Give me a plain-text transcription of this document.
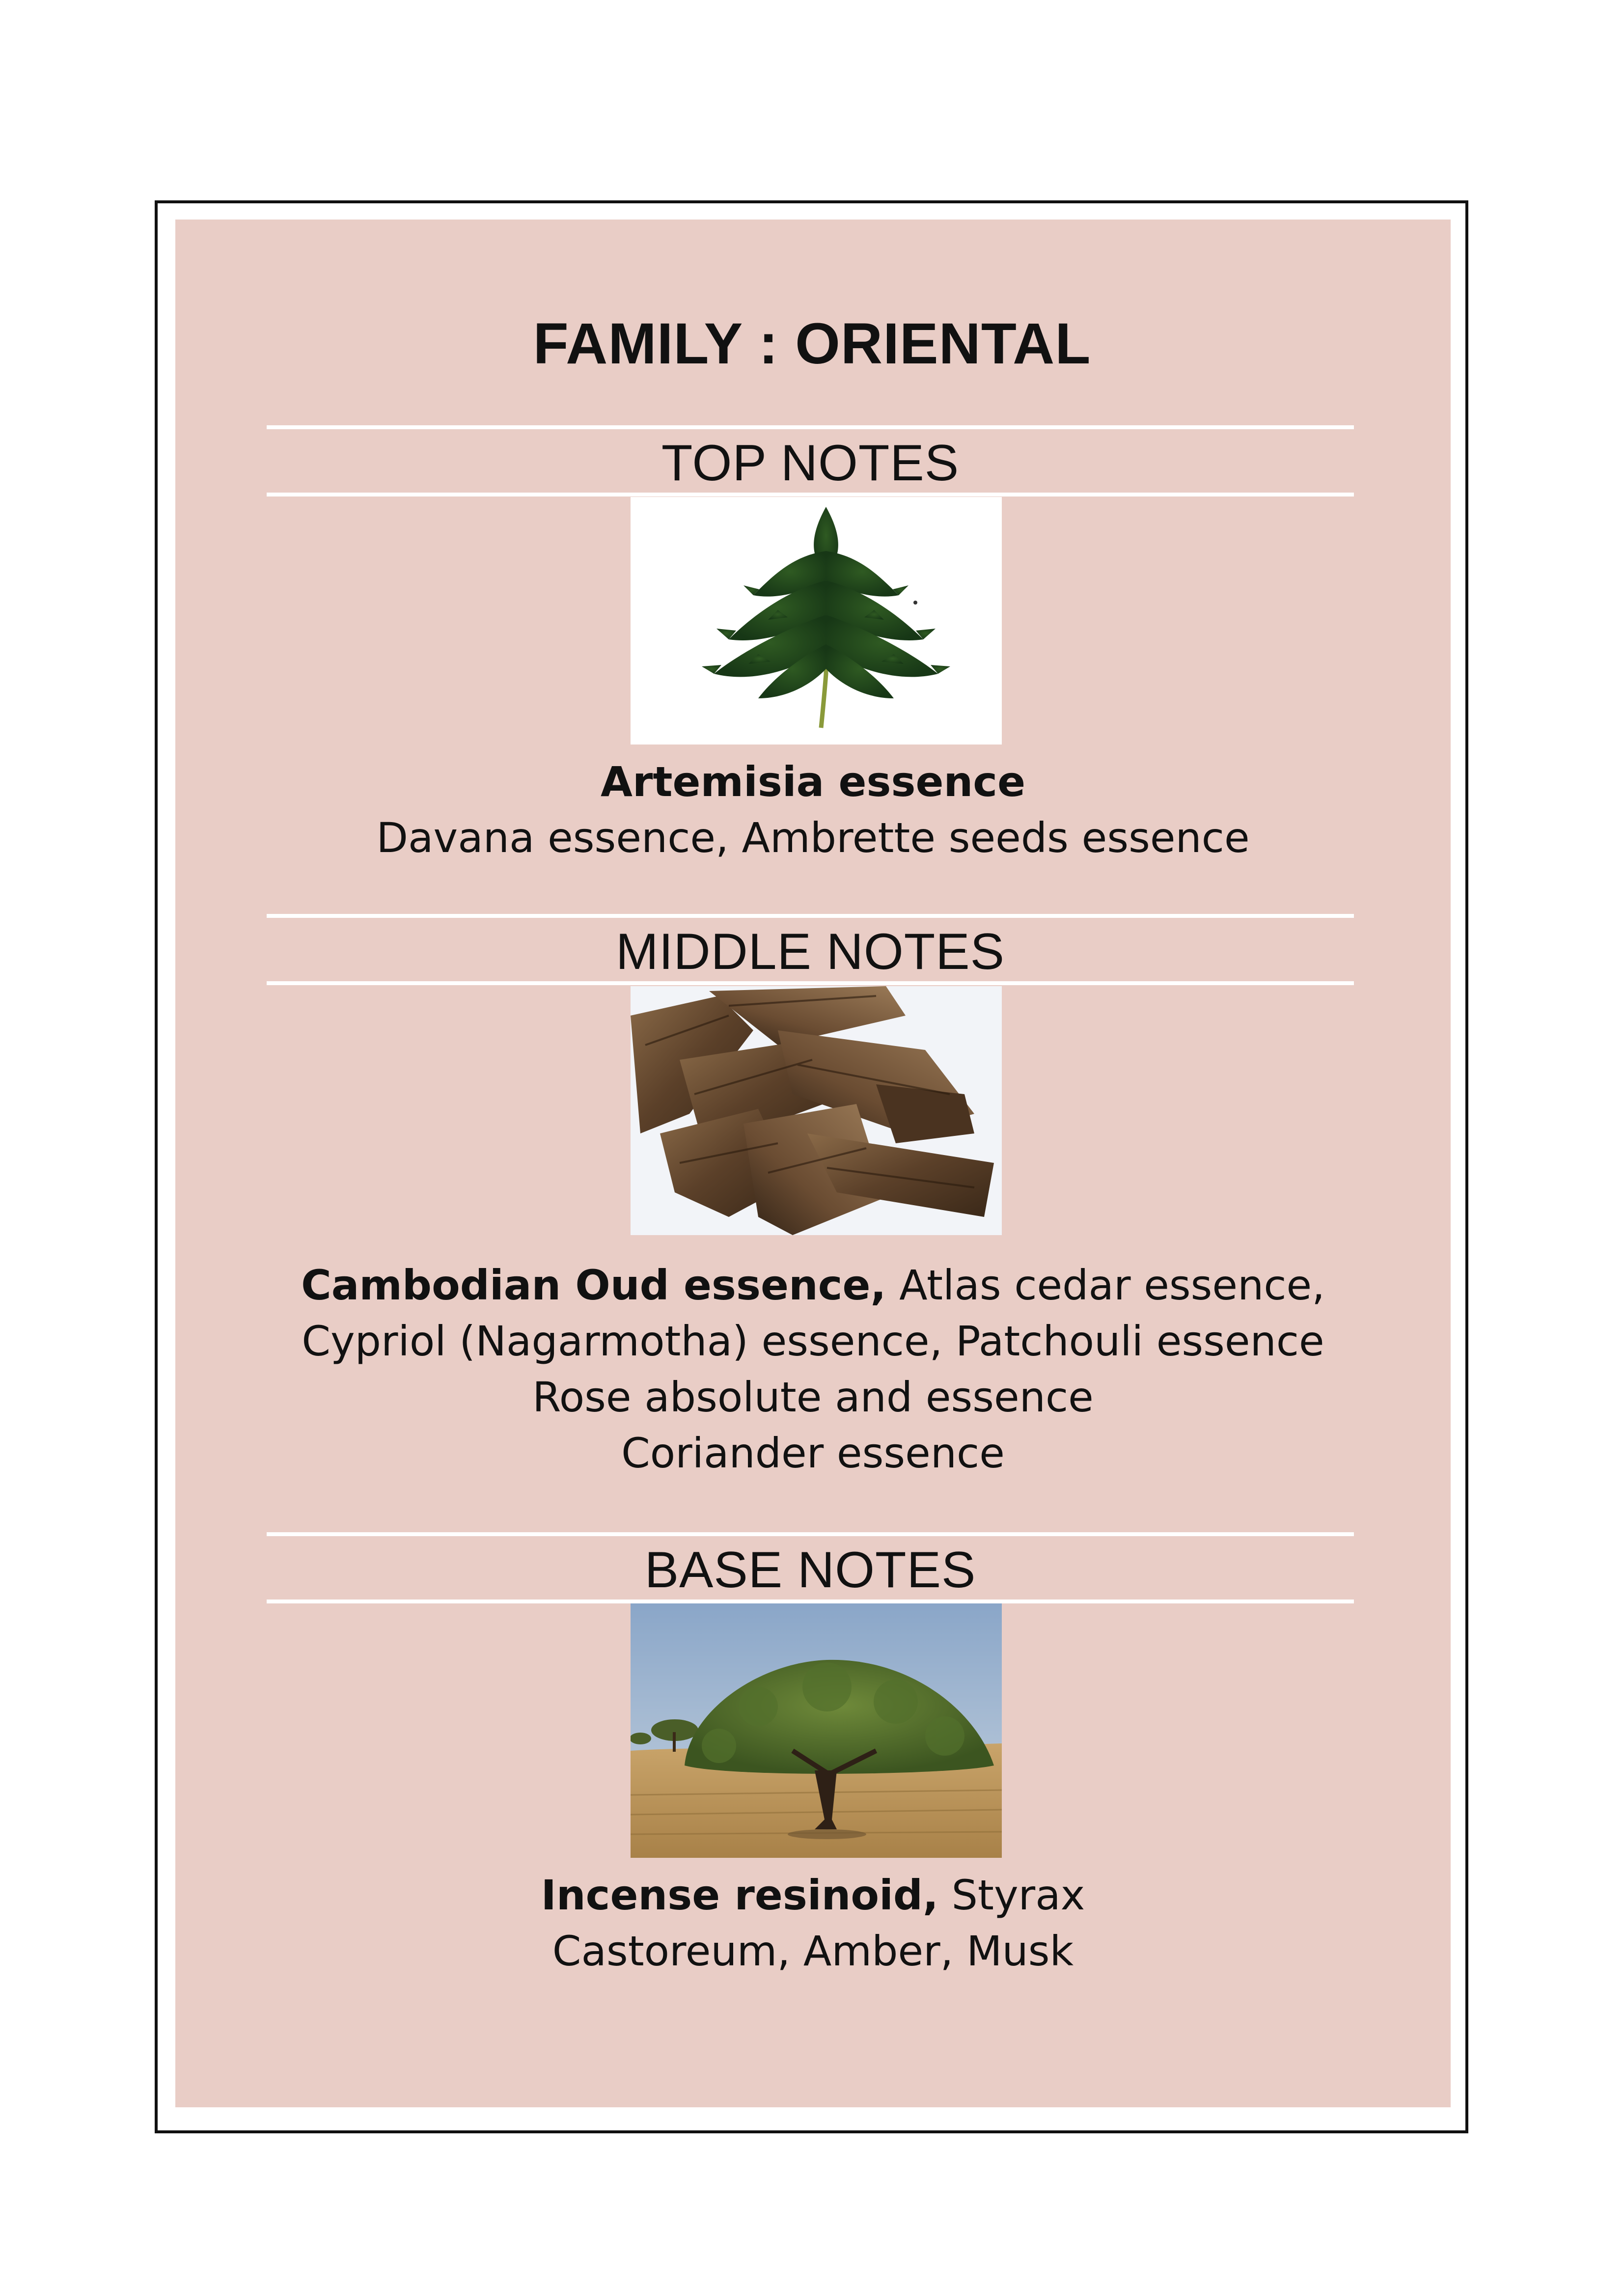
FAMILY : ORIENTAL
TOP NOTES
Artemisia essence
Davana essence, Ambrette seeds essence
MIDDLE NOTES
Cambodian Oud essence, Atlas cedar essence,
Cypriol (Nagarmotha) essence, Patchouli essence
Rose absolute and essence
Coriander essence
BASE NOTES
Incense resinoid, Styrax
Castoreum, Amber, Musk
